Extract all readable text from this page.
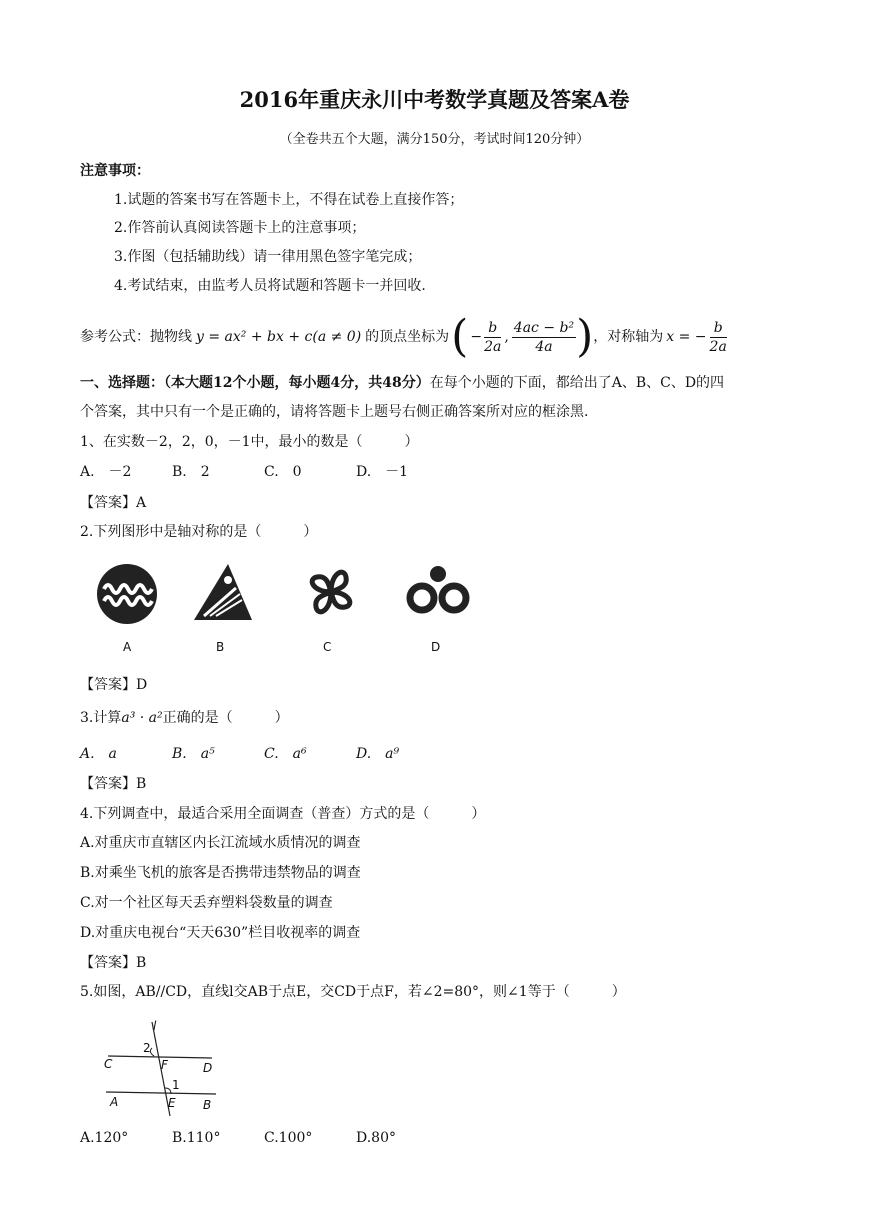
2016年重庆永川中考数学真题及答案A卷
（全卷共五个大题，满分150分，考试时间120分钟）
注意事项：
1.试题的答案书写在答题卡上，不得在试卷上直接作答；
2.作答前认真阅读答题卡上的注意事项；
3.作图（包括辅助线）请一律用黑色签字笔完成；
4.考试结束，由监考人员将试题和答题卡一并回收.
参考公式：抛物线 y = ax² + bx + c(a ≠ 0) 的顶点坐标为 ( − $\frac{b}{2a}$ , $\frac{\text{4ac − b²}}{4a}$ ) ，对称轴为 x = − $\frac{b}{2a}$
一、选择题：（本大题12个小题，每小题4分，共48分）在每个小题的下面，都给出了A、B、C、D的四
个答案，其中只有一个是正确的，请将答题卡上题号右侧正确答案所对应的框涂黑.
1、在实数－2，2，0，－1中，最小的数是（　　　）
A.　－2	B.　2	C.　0	D.　－1
【答案】A
2.下列图形中是轴对称的是（　　　）
A	B	C	D
【答案】D
3.计算a³ · a²正确的是（　　　）
A.　a	B.　a⁵	C.　a⁶	D.　a⁹
【答案】B
4.下列调查中，最适合采用全面调查（普查）方式的是（　　　）
A.对重庆市直辖区内长江流域水质情况的调查
B.对乘坐飞机的旅客是否携带违禁物品的调查
C.对一个社区每天丢弃塑料袋数量的调查
D.对重庆电视台“天天630”栏目收视率的调查
【答案】B
5.如图，AB//CD，直线l交AB于点E，交CD于点F，若∠2=80°，则∠1等于（　　　）
l
2
C	F	D
1
A	E B
A.120°	B.110°	C.100°	D.80°
